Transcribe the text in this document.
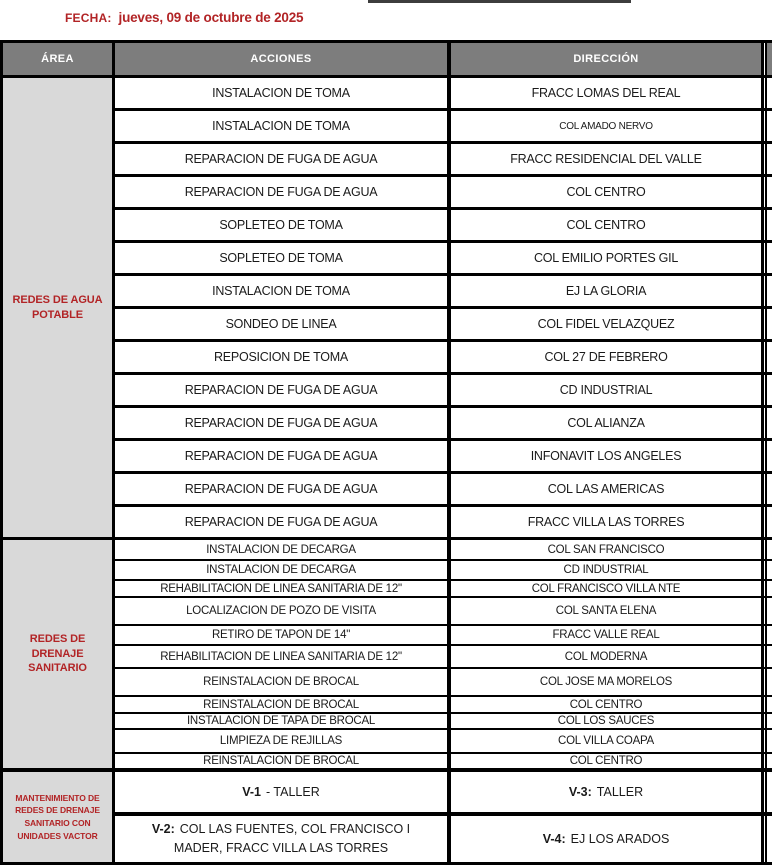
FECHA: jueves, 09 de octubre de 2025
ÁREA	ACCIONES	DIRECCIÓN
REDES DE AGUA POTABLE
INSTALACION DE TOMA	FRACC LOMAS DEL REAL
INSTALACION DE TOMA	COL AMADO NERVO
REPARACION DE FUGA DE AGUA	FRACC RESIDENCIAL DEL VALLE
REPARACION DE FUGA DE AGUA	COL CENTRO
SOPLETEO DE TOMA	COL CENTRO
SOPLETEO DE TOMA	COL EMILIO PORTES GIL
INSTALACION DE TOMA	EJ LA GLORIA
SONDEO DE LINEA	COL FIDEL VELAZQUEZ
REPOSICION DE TOMA	COL 27 DE FEBRERO
REPARACION DE FUGA DE AGUA	CD INDUSTRIAL
REPARACION DE FUGA DE AGUA	COL ALIANZA
REPARACION DE FUGA DE AGUA	INFONAVIT LOS ANGELES
REPARACION DE FUGA DE AGUA	COL LAS AMERICAS
REPARACION DE FUGA DE AGUA	FRACC VILLA LAS TORRES
REDES DE DRENAJE SANITARIO
INSTALACION DE DECARGA	COL SAN FRANCISCO
INSTALACION DE DECARGA	CD INDUSTRIAL
REHABILITACION DE LINEA SANITARIA DE 12"	COL FRANCISCO VILLA NTE
LOCALIZACION DE POZO DE VISITA	COL SANTA ELENA
RETIRO DE TAPON DE 14"	FRACC VALLE REAL
REHABILITACION DE LINEA SANITARIA DE 12"	COL MODERNA
REINSTALACION DE BROCAL	COL JOSE MA MORELOS
REINSTALACION DE BROCAL	COL CENTRO
INSTALACION DE TAPA DE BROCAL	COL LOS SAUCES
LIMPIEZA DE REJILLAS	COL VILLA COAPA
REINSTALACION DE BROCAL	COL CENTRO
MANTENIMIENTO DE REDES DE DRENAJE SANITARIO CON UNIDADES VACTOR
V-1 - TALLER	V-3: TALLER
V-2: COL LAS FUENTES, COL FRANCISCO I MADER, FRACC VILLA LAS TORRES
V-4: EJ LOS ARADOS
